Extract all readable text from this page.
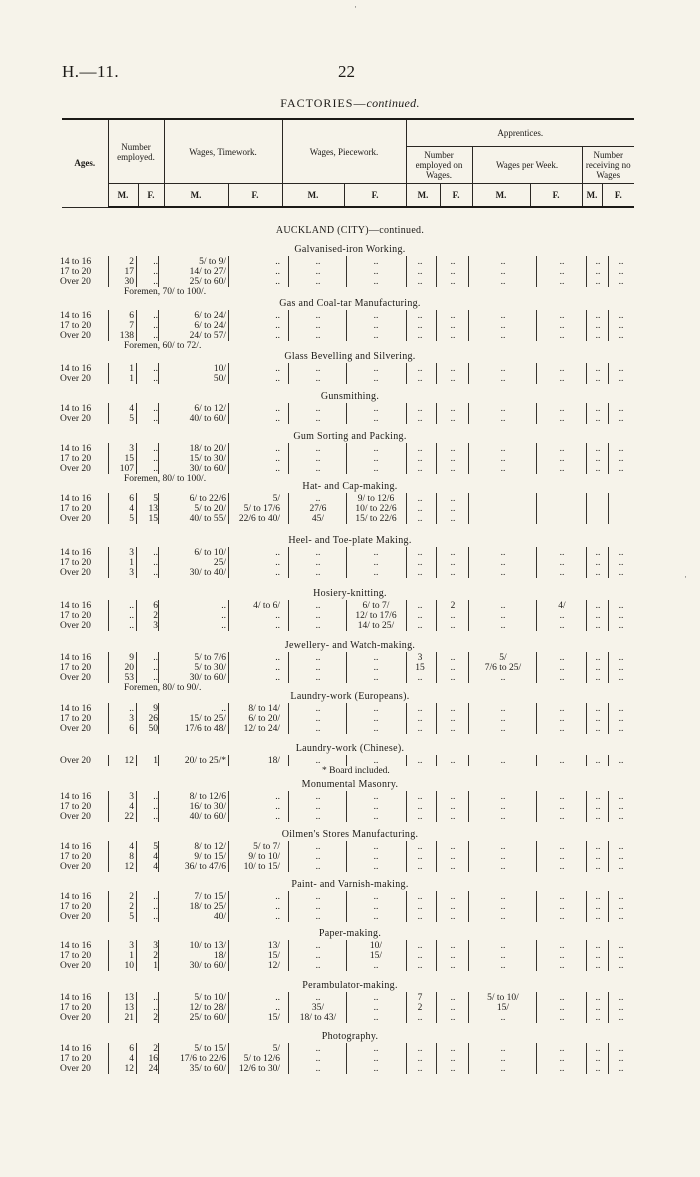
H.—11.	22
FACTORIES—continued.
Ages.	Number employed.		Wages, Timework.		Wages, Piecework.		Apprentices.					
							Number employed on Wages.		Wages per Week.		Number receiving no Wages	
	M.	F.	M.	F.	M.	F.	M.	F.	M.	F.	M.	F.
AUCKLAND (CITY)—continued.
Galvanised-iron Working.
14 to 16	2	..	5/ to 9/	..	..	..	..	..	..	..	..	..
17 to 20	17	..	14/ to 27/	..	..	..	..	..	..	..	..	..
Over 20	30	..	25/ to 60/	..	..	..	..	..	..	..	..	..
Foremen, 70/ to 100/.
Gas and Coal-tar Manufacturing.
14 to 16	6	..	6/ to 24/	..	..	..	..	..	..	..	..	..
17 to 20	7	..	6/ to 24/	..	..	..	..	..	..	..	..	..
Over 20	138	..	24/ to 57/	..	..	..	..	..	..	..	..	..
Foremen, 60/ to 72/.
Glass Bevelling and Silvering.
14 to 16	1	..	10/	..	..	..	..	..	..	..	..	..
Over 20	1	..	50/	..	..	..	..	..	..	..	..	..
Gunsmithing.
14 to 16	4	..	6/ to 12/	..	..	..	..	..	..	..	..	..
Over 20	5	..	40/ to 60/	..	..	..	..	..	..	..	..	..
Gum Sorting and Packing.
14 to 16	3	..	18/ to 20/	..	..	..	..	..	..	..	..	..
17 to 20	15	..	15/ to 30/	..	..	..	..	..	..	..	..	..
Over 20	107	..	30/ to 60/	..	..	..	..	..	..	..	..	..
Foremen, 80/ to 100/.
Hat- and Cap-making.
14 to 16	6	5	6/ to 22/6	5/	..	9/ to 12/6	..	..
17 to 20	4	13	5/ to 20/	5/ to 17/6	27/6	10/ to 22/6	..	..
Over 20	5	15	40/ to 55/	22/6 to 40/	45/	15/ to 22/6	..	..
Heel- and Toe-plate Making.
14 to 16	3	..	6/ to 10/	..	..	..	..	..	..	..	..	..
17 to 20	1	..	25/	..	..	..	..	..	..	..	..	..
Over 20	3	..	30/ to 40/	..	..	..	..	..	..	..	..	..
Hosiery-knitting.
14 to 16	..	6	..	4/ to 6/	..	6/ to 7/	..	2	..	4/	..	..
17 to 20	..	2	..	..	..	12/ to 17/6	..	..	..	..	..	..
Over 20	..	3	..	..	..	14/ to 25/	..	..	..	..	..	..
Jewellery- and Watch-making.
14 to 16	9	..	5/ to 7/6	..	..	..	3	..	5/	..	..	..
17 to 20	20	..	5/ to 30/	..	..	..	15	..	7/6 to 25/	..	..	..
Over 20	53	..	30/ to 60/	..	..	..	..	..	..	..	..	..
Foremen, 80/ to 90/.
Laundry-work (Europeans).
14 to 16	..	9	..	8/ to 14/	..	..	..	..	..	..	..	..
17 to 20	3	26	15/ to 25/	6/ to 20/	..	..	..	..	..	..	..	..
Over 20	6	50	17/6 to 48/	12/ to 24/	..	..	..	..	..	..	..	..
Laundry-work (Chinese).
Over 20	12	1	20/ to 25/*	18/	..	..	..	..	..	..	..	..
* Board included.
Monumental Masonry.
14 to 16	3	..	8/ to 12/6	..	..	..	..	..	..	..	..	..
17 to 20	4	..	16/ to 30/	..	..	..	..	..	..	..	..	..
Over 20	22	..	40/ to 60/	..	..	..	..	..	..	..	..	..
Oilmen's Stores Manufacturing.
14 to 16	4	5	8/ to 12/	5/ to 7/	..	..	..	..	..	..	..	..
17 to 20	8	4	9/ to 15/	9/ to 10/	..	..	..	..	..	..	..	..
Over 20	12	4	36/ to 47/6	10/ to 15/	..	..	..	..	..	..	..	..
Paint- and Varnish-making.
14 to 16	2	..	7/ to 15/	..	..	..	..	..	..	..	..	..
17 to 20	2	..	18/ to 25/	..	..	..	..	..	..	..	..	..
Over 20	5	..	40/	..	..	..	..	..	..	..	..	..
Paper-making.
14 to 16	3	3	10/ to 13/	13/	..	10/	..	..	..	..	..	..
17 to 20	1	2	18/	15/	..	15/	..	..	..	..	..	..
Over 20	10	1	30/ to 60/	12/	..	..	..	..	..	..	..	..
Perambulator-making.
14 to 16	13	..	5/ to 10/	..	..	..	7	..	5/ to 10/	..	..	..
17 to 20	13	..	12/ to 28/	..	35/	..	2	..	15/	..	..	..
Over 20	21	2	25/ to 60/	15/	18/ to 43/	..	..	..	..	..	..	..
Photography.
14 to 16	6	2	5/ to 15/	5/	..	..	..	..	..	..	..	..
17 to 20	4	16	17/6 to 22/6	5/ to 12/6	..	..	..	..	..	..	..	..
Over 20	12	24	35/ to 60/	12/6 to 30/	..	..	..	..	..	..	..	..
·
·
